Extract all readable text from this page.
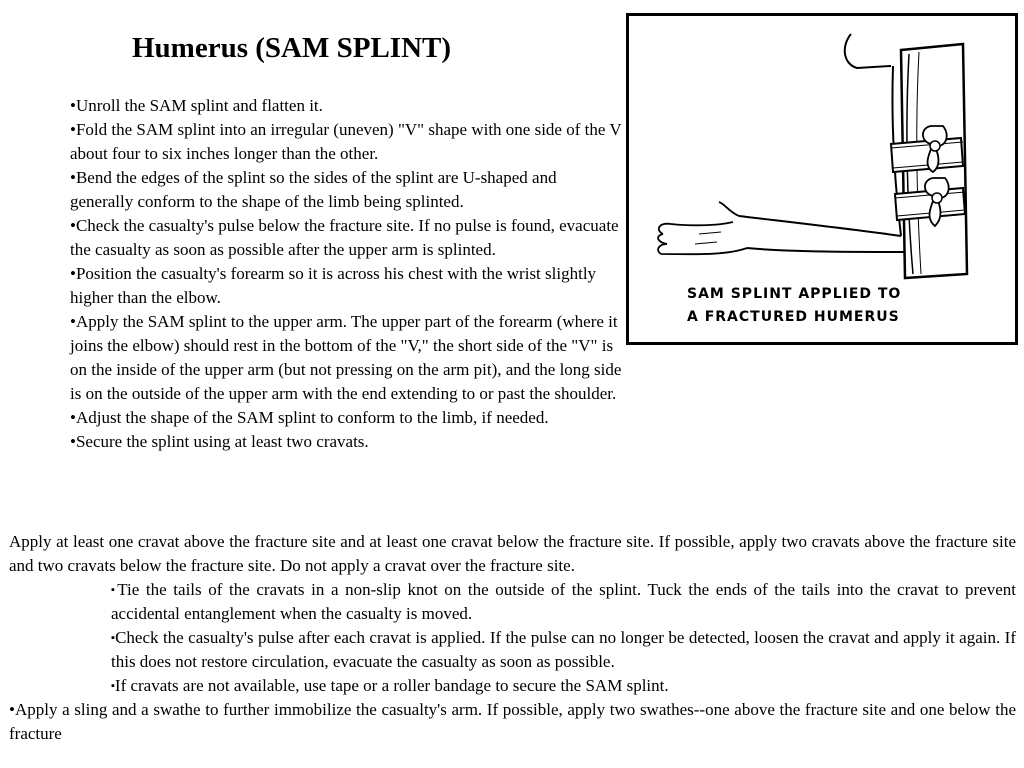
Humerus (SAM SPLINT)
•Unroll the SAM splint and flatten it.
•Fold the SAM splint into an irregular (uneven) "V" shape with one side of the V about four to six inches longer than the other.
•Bend the edges of the splint so the sides of the splint are U-shaped and generally conform to the shape of the limb being splinted.
•Check the casualty's pulse below the fracture site. If no pulse is found, evacuate the casualty as soon as possible after the upper arm is splinted.
•Position the casualty's forearm so it is across his chest with the wrist slightly higher than the elbow.
•Apply the SAM splint to the upper arm. The upper part of the forearm (where it joins the elbow) should rest in the bottom of the "V," the short side of the "V" is on the inside of the upper arm (but not pressing on the arm pit), and the long side is on the outside of the upper arm with the end extending to or past the shoulder.
•Adjust the shape of the SAM splint to conform to the limb, if needed.
•Secure the splint using at least two cravats.
SAM SPLINT APPLIED TO
A FRACTURED HUMERUS

Apply at least one cravat above the fracture site and at least one cravat below the fracture site. If possible, apply two cravats above the fracture site and two cravats below the fracture site. Do not apply a cravat over the fracture site.

▪Tie the tails of the cravats in a non-slip knot on the outside of the splint. Tuck the ends of the tails into the cravat to prevent accidental entanglement when the casualty is moved.
▪Check the casualty's pulse after each cravat is applied. If the pulse can no longer be detected, loosen the cravat and apply it again. If this does not restore circulation, evacuate the casualty as soon as possible.
▪If cravats are not available, use tape or a roller bandage to secure the SAM splint.

•Apply a sling and a swathe to further immobilize the casualty's arm. If possible, apply two swathes--one above the fracture site and one below the fracture
